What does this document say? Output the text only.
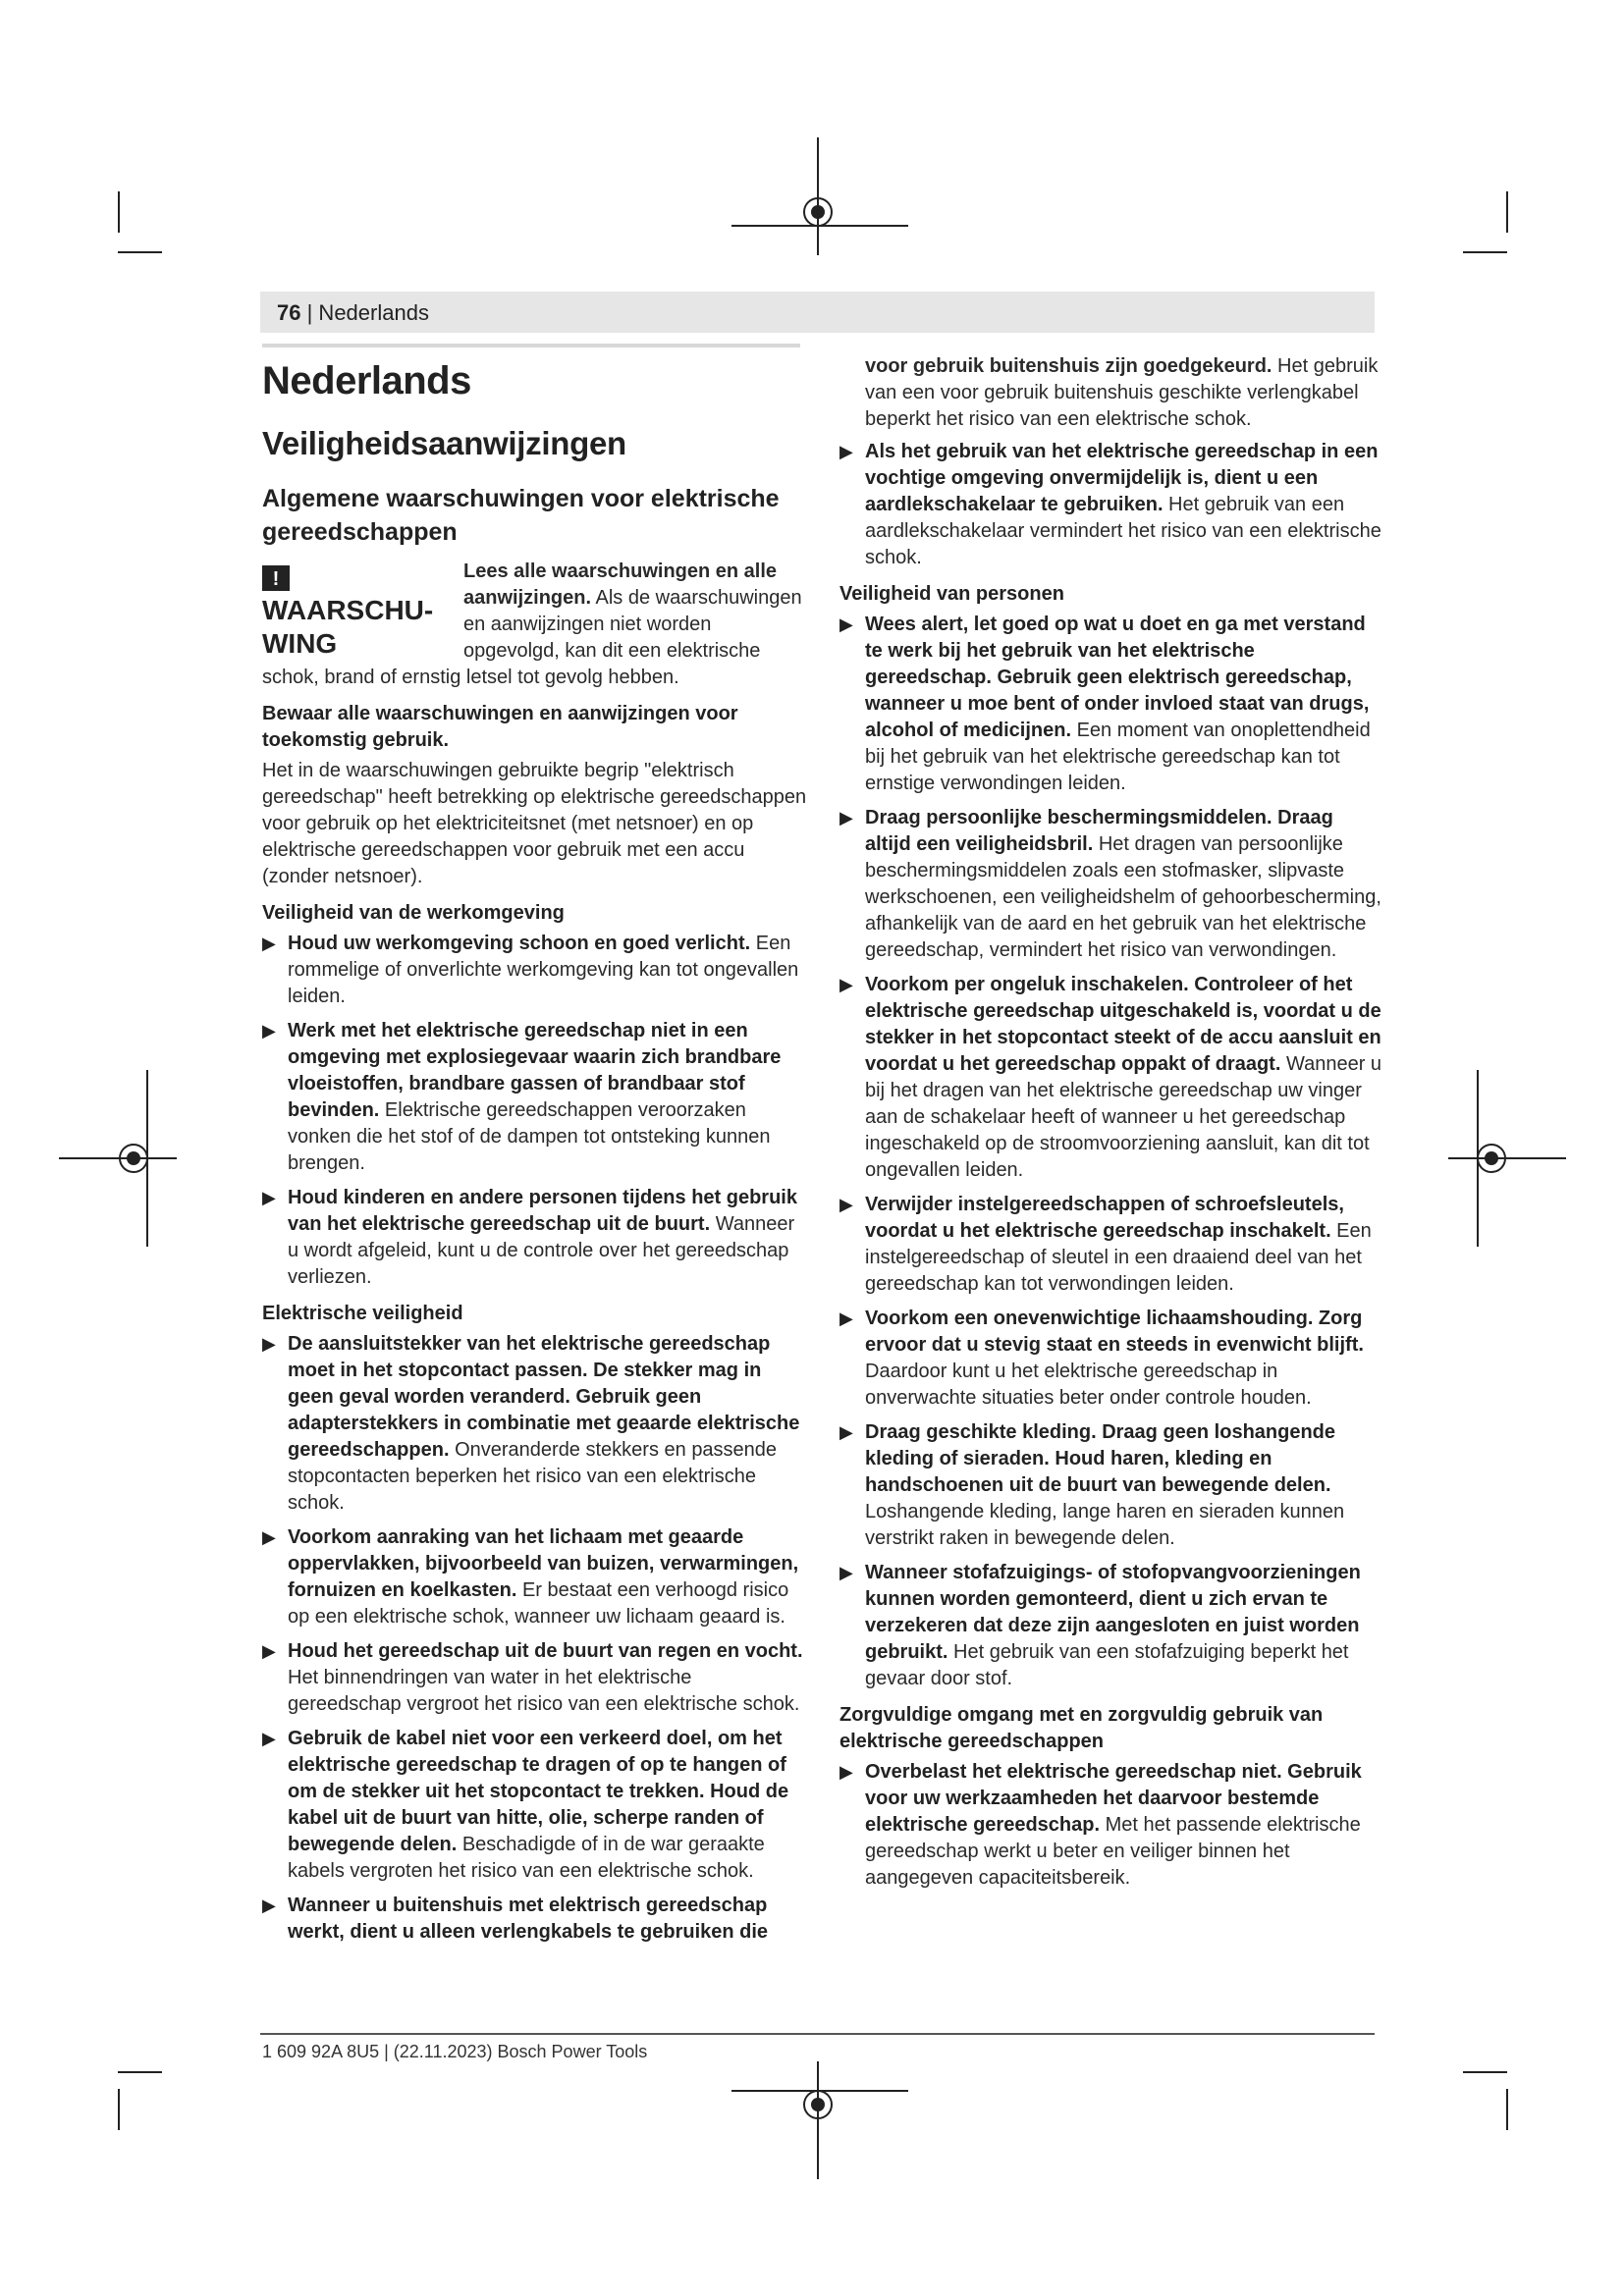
76 | Nederlands
Nederlands
Veiligheidsaanwijzingen
Algemene waarschuwingen voor elektrische gereedschappen
!WAARSCHU-WING
Lees alle waarschuwingen en alle aanwijzingen. Als de waarschuwingen en aanwijzingen niet worden opgevolgd, kan dit een elektrische schok, brand of ernstig letsel tot gevolg hebben.
Bewaar alle waarschuwingen en aanwijzingen voor toekomstig gebruik.

Het in de waarschuwingen gebruikte begrip "elektrisch gereedschap" heeft betrekking op elektrische gereedschappen voor gebruik op het elektriciteitsnet (met netsnoer) en op elektrische gereedschappen voor gebruik met een accu (zonder netsnoer).

Veiligheid van de werkomgeving
▶ Houd uw werkomgeving schoon en goed verlicht. Een rommelige of onverlichte werkomgeving kan tot ongevallen leiden.
▶ Werk met het elektrische gereedschap niet in een omgeving met explosiegevaar waarin zich brandbare vloeistoffen, brandbare gassen of brandbaar stof bevinden. Elektrische gereedschappen veroorzaken vonken die het stof of de dampen tot ontsteking kunnen brengen.
▶ Houd kinderen en andere personen tijdens het gebruik van het elektrische gereedschap uit de buurt. Wanneer u wordt afgeleid, kunt u de controle over het gereedschap verliezen.
Elektrische veiligheid
▶ De aansluitstekker van het elektrische gereedschap moet in het stopcontact passen. De stekker mag in geen geval worden veranderd. Gebruik geen adapterstekkers in combinatie met geaarde elektrische gereedschappen. Onveranderde stekkers en passende stopcontacten beperken het risico van een elektrische schok.
▶ Voorkom aanraking van het lichaam met geaarde oppervlakken, bijvoorbeeld van buizen, verwarmingen, fornuizen en koelkasten. Er bestaat een verhoogd risico op een elektrische schok, wanneer uw lichaam geaard is.
▶ Houd het gereedschap uit de buurt van regen en vocht. Het binnendringen van water in het elektrische gereedschap vergroot het risico van een elektrische schok.
▶ Gebruik de kabel niet voor een verkeerd doel, om het elektrische gereedschap te dragen of op te hangen of om de stekker uit het stopcontact te trekken. Houd de kabel uit de buurt van hitte, olie, scherpe randen of bewegende delen. Beschadigde of in de war geraakte kabels vergroten het risico van een elektrische schok.
▶ Wanneer u buitenshuis met elektrisch gereedschap werkt, dient u alleen verlengkabels te gebruiken die

voor gebruik buitenshuis zijn goedgekeurd. Het gebruik van een voor gebruik buitenshuis geschikte verlengkabel beperkt het risico van een elektrische schok.

▶ Als het gebruik van het elektrische gereedschap in een vochtige omgeving onvermijdelijk is, dient u een aardlekschakelaar te gebruiken. Het gebruik van een aardlekschakelaar vermindert het risico van een elektrische schok.
Veiligheid van personen
▶ Wees alert, let goed op wat u doet en ga met verstand te werk bij het gebruik van het elektrische gereedschap. Gebruik geen elektrisch gereedschap, wanneer u moe bent of onder invloed staat van drugs, alcohol of medicijnen. Een moment van onoplettendheid bij het gebruik van het elektrische gereedschap kan tot ernstige verwondingen leiden.
▶ Draag persoonlijke beschermingsmiddelen. Draag altijd een veiligheidsbril. Het dragen van persoonlijke beschermingsmiddelen zoals een stofmasker, slipvaste werkschoenen, een veiligheidshelm of gehoorbescherming, afhankelijk van de aard en het gebruik van het elektrische gereedschap, vermindert het risico van verwondingen.
▶ Voorkom per ongeluk inschakelen. Controleer of het elektrische gereedschap uitgeschakeld is, voordat u de stekker in het stopcontact steekt of de accu aansluit en voordat u het gereedschap oppakt of draagt. Wanneer u bij het dragen van het elektrische gereedschap uw vinger aan de schakelaar heeft of wanneer u het gereedschap ingeschakeld op de stroomvoorziening aansluit, kan dit tot ongevallen leiden.
▶ Verwijder instelgereedschappen of schroefsleutels, voordat u het elektrische gereedschap inschakelt. Een instelgereedschap of sleutel in een draaiend deel van het gereedschap kan tot verwondingen leiden.
▶ Voorkom een onevenwichtige lichaamshouding. Zorg ervoor dat u stevig staat en steeds in evenwicht blijft. Daardoor kunt u het elektrische gereedschap in onverwachte situaties beter onder controle houden.
▶ Draag geschikte kleding. Draag geen loshangende kleding of sieraden. Houd haren, kleding en handschoenen uit de buurt van bewegende delen. Loshangende kleding, lange haren en sieraden kunnen verstrikt raken in bewegende delen.
▶ Wanneer stofafzuigings- of stofopvangvoorzieningen kunnen worden gemonteerd, dient u zich ervan te verzekeren dat deze zijn aangesloten en juist worden gebruikt. Het gebruik van een stofafzuiging beperkt het gevaar door stof.
Zorgvuldige omgang met en zorgvuldig gebruik van elektrische gereedschappen
▶ Overbelast het elektrische gereedschap niet. Gebruik voor uw werkzaamheden het daarvoor bestemde elektrische gereedschap. Met het passende elektrische gereedschap werkt u beter en veiliger binnen het aangegeven capaciteitsbereik.
1 609 92A 8U5 | (22.11.2023) Bosch Power Tools
